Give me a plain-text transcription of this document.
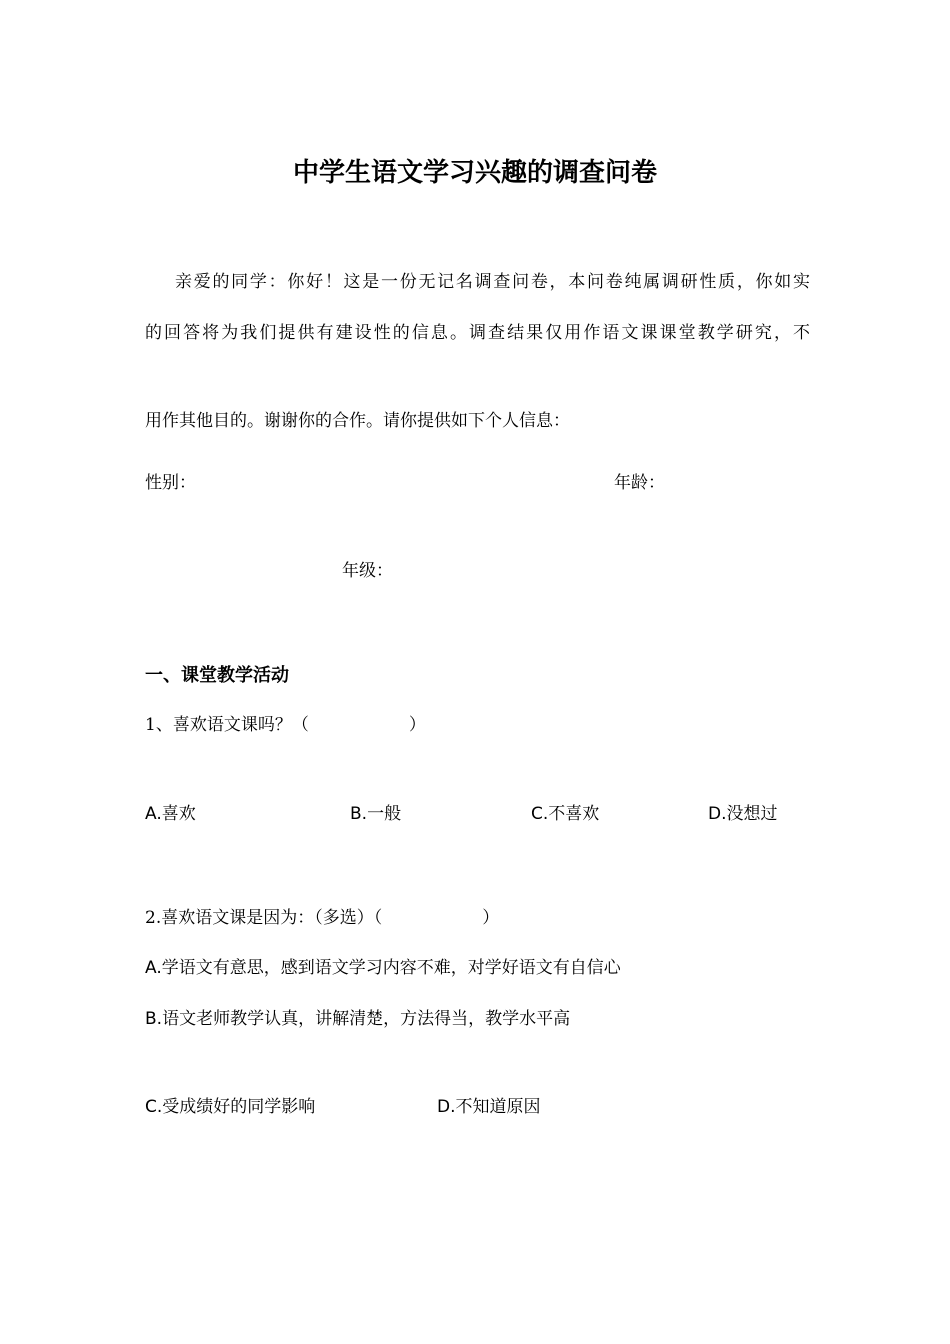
中学生语文学习兴趣的调查问卷
亲爱的同学：你好！这是一份无记名调查问卷，本问卷纯属调研性质，你如实
的回答将为我们提供有建设性的信息。调查结果仅用作语文课课堂教学研究，不
用作其他目的。谢谢你的合作。请你提供如下个人信息：
性别：	年龄：
年级：
一、课堂教学活动
1、喜欢语文课吗？（	）
A.喜欢	B.一般	C.不喜欢	D.没想过
2.喜欢语文课是因为：（多选）（	）
A.学语文有意思，感到语文学习内容不难，对学好语文有自信心
B.语文老师教学认真，讲解清楚，方法得当，教学水平高
C.受成绩好的同学影响	D.不知道原因
